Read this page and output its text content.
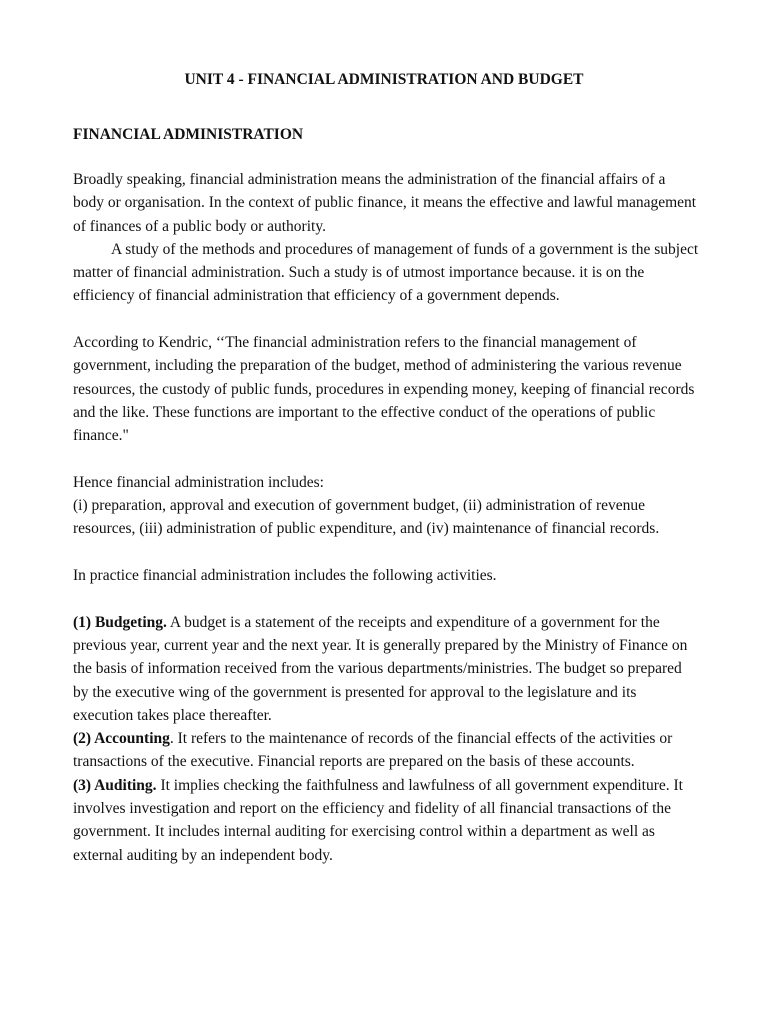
UNIT 4 - FINANCIAL ADMINISTRATION AND BUDGET
FINANCIAL ADMINISTRATION

Broadly speaking, financial administration means the administration of the financial affairs of a body or organisation. In the context of public finance, it means the effective and lawful management of finances of a public body or authority.

A study of the methods and procedures of management of funds of a government is the subject matter of financial administration. Such a study is of utmost importance because. it is on the efficiency of financial administration that efficiency of a government depends.

According to Kendric, ‘‘The financial administration refers to the financial management of government, including the preparation of the budget, method of administering the various revenue resources, the custody of public funds, procedures in expending money, keeping of financial records and the like. These functions are important to the effective conduct of the operations of public finance."

Hence financial administration includes:

(i) preparation, approval and execution of government budget, (ii) administration of revenue resources, (iii) administration of public expenditure, and (iv) maintenance of financial records.

In practice financial administration includes the following activities.

(1) Budgeting. A budget is a statement of the receipts and expenditure of a government for the previous year, current year and the next year. It is generally prepared by the Ministry of Finance on the basis of information received from the various departments/ministries. The budget so prepared by the executive wing of the government is presented for approval to the legislature and its execution takes place thereafter.

(2) Accounting. It refers to the maintenance of records of the financial effects of the activities or transactions of the executive. Financial reports are prepared on the basis of these accounts.

(3) Auditing. It implies checking the faithfulness and lawfulness of all government expenditure. It involves investigation and report on the efficiency and fidelity of all financial transactions of the government. It includes internal auditing for exercising control within a department as well as external auditing by an independent body.
